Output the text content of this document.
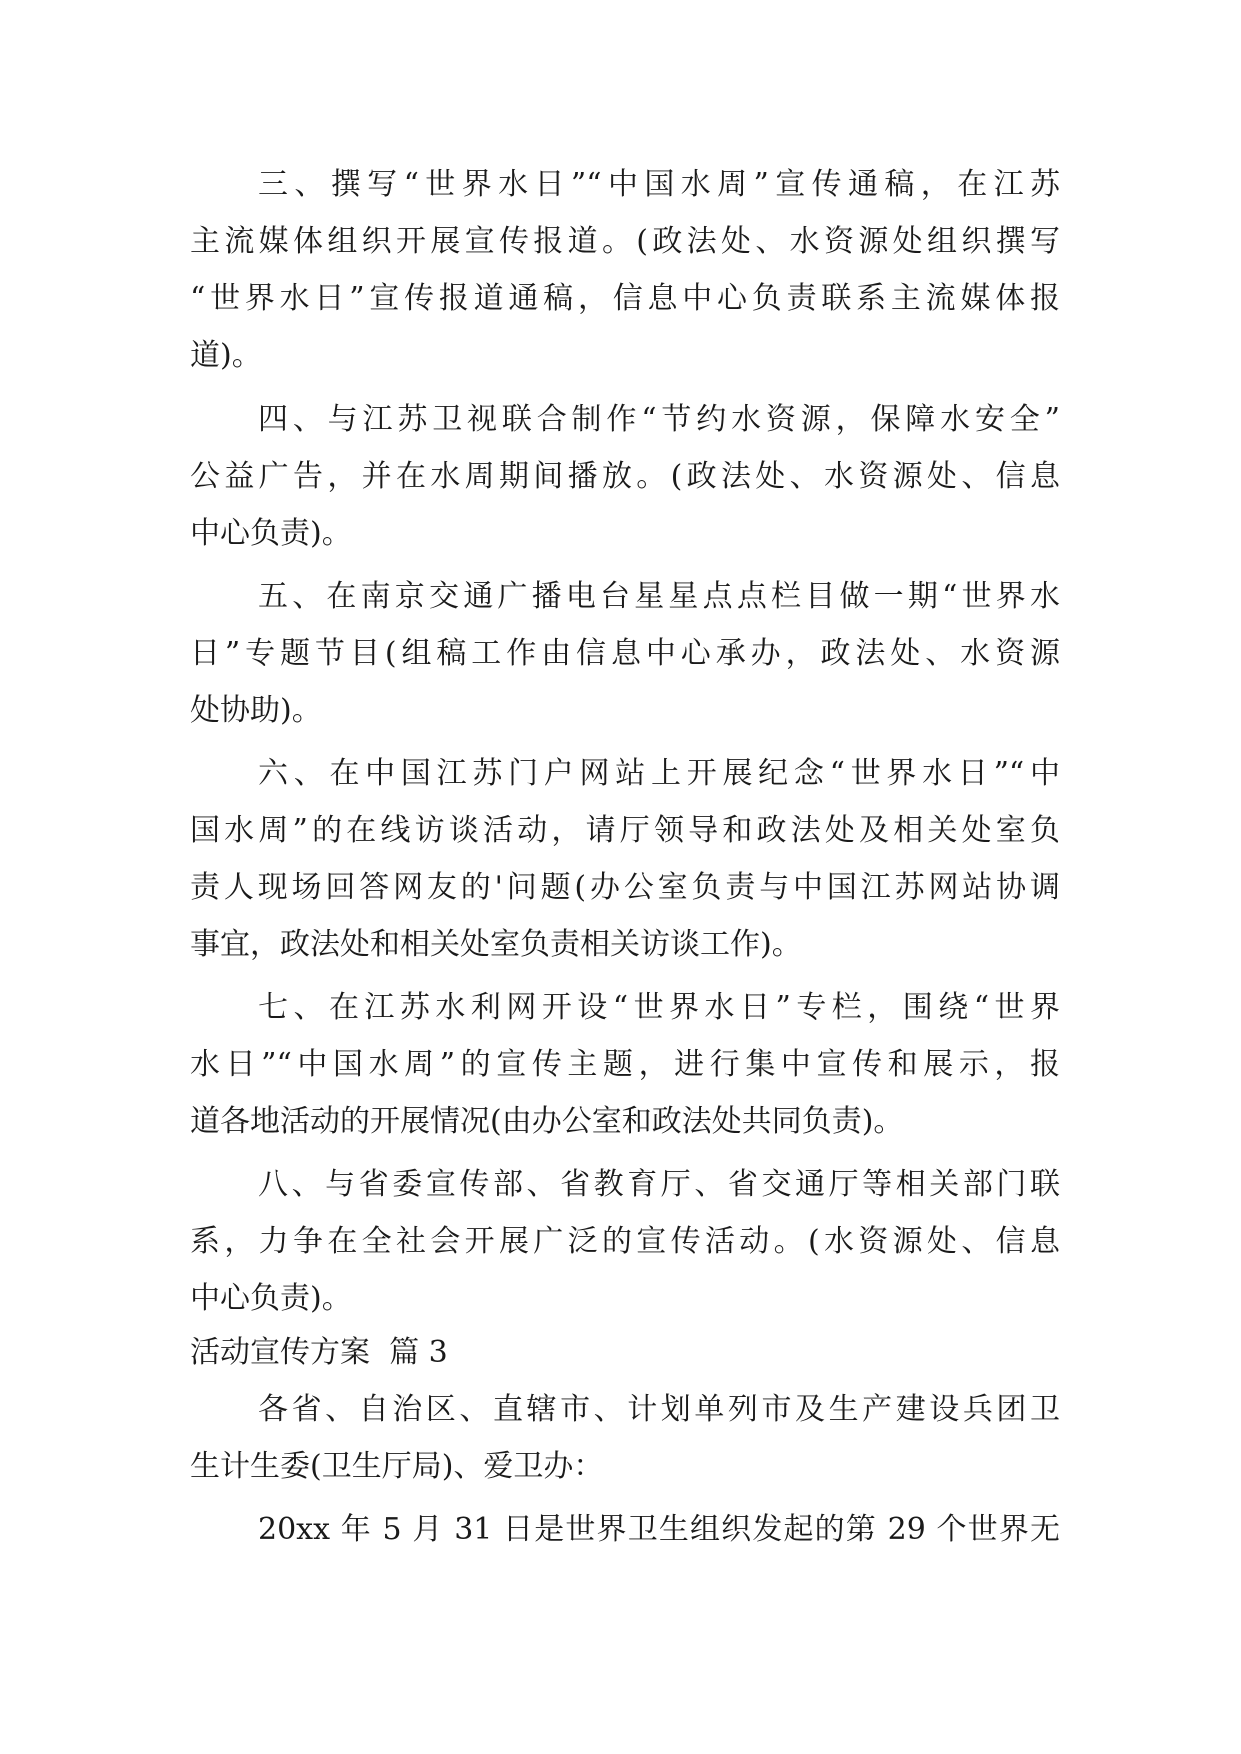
三、撰写“世界水日”“中国水周”宣传通稿，在江苏
主流媒体组织开展宣传报道。(政法处、水资源处组织撰写
“世界水日”宣传报道通稿，信息中心负责联系主流媒体报
道)。
四、与江苏卫视联合制作“节约水资源，保障水安全”
公益广告，并在水周期间播放。(政法处、水资源处、信息
中心负责)。
五、在南京交通广播电台星星点点栏目做一期“世界水
日”专题节目(组稿工作由信息中心承办，政法处、水资源
处协助)。
六、在中国江苏门户网站上开展纪念“世界水日”“中
国水周”的在线访谈活动，请厅领导和政法处及相关处室负
责人现场回答网友的'问题(办公室负责与中国江苏网站协调
事宜，政法处和相关处室负责相关访谈工作)。
七、在江苏水利网开设“世界水日”专栏，围绕“世界
水日”“中国水周”的宣传主题，进行集中宣传和展示，报
道各地活动的开展情况(由办公室和政法处共同负责)。
八、与省委宣传部、省教育厅、省交通厅等相关部门联
系，力争在全社会开展广泛的宣传活动。(水资源处、信息
中心负责)。
活动宣传方案  篇 3
各省、自治区、直辖市、计划单列市及生产建设兵团卫
生计生委(卫生厅局)、爱卫办：
20xx 年 5 月 31 日是世界卫生组织发起的第 29 个世界无
